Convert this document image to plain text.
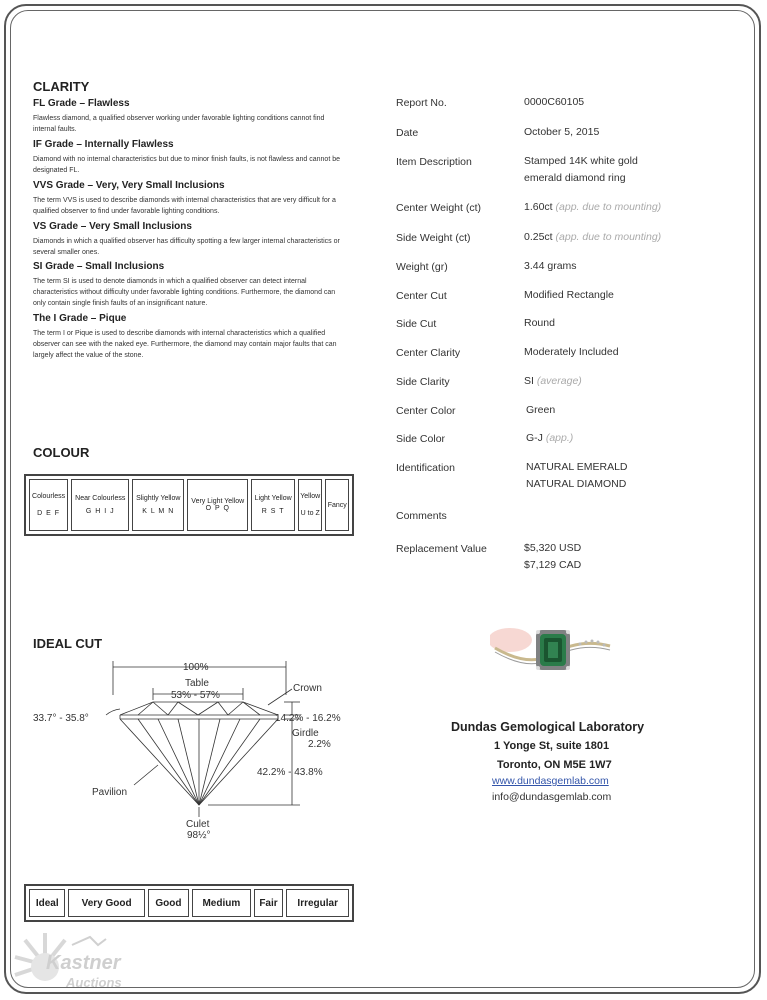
CLARITY
FL Grade – Flawless
Flawless diamond, a qualified observer working under favorable lighting conditions cannot find internal faults.
IF Grade – Internally Flawless
Diamond with no internal characteristics but due to minor finish faults, is not flawless and cannot be designated FL.
VVS Grade – Very, Very Small Inclusions
The term VVS is used to describe diamonds with internal characteristics that are very difficult for a qualified observer to find under favorable lighting conditions.
VS Grade – Very Small Inclusions
Diamonds in which a qualified observer has difficulty spotting a few larger internal characteristics or several smaller ones.
SI Grade – Small Inclusions
The term SI is used to denote diamonds in which a qualified observer can detect internal characteristics without difficulty under favorable lighting conditions. Furthermore, the diamond can only contain single finish faults of an insignificant nature.
The I Grade – Pique
The term I or Pique is used to describe diamonds with internal characteristics which a qualified observer can see with the naked eye. Furthermore, the diamond may contain major faults that can largely affect the value of the stone.
COLOUR
Colourless
D E F

Near Colourless
G H I J

Slightly Yellow
K L M N

Very Light Yellow
O P Q

Light Yellow
R S T

Yellow
U to Z

Fancy
IDEAL CUT
100%
Table
53% - 57%
Crown
33.7° - 35.8°	14.2% - 16.2%
Girdle
2.2%
42.2% - 43.8%
Pavilion
Culet
98½°
Ideal	Very Good	Good	Medium	Fair	Irregular
Report No.	0000C60105
Date	October 5, 2015
Item Description	Stamped 14K white gold emerald diamond ring
Center Weight (ct)	1.60ct (app. due to mounting)
Side Weight (ct)	0.25ct (app. due to mounting)
Weight (gr)	3.44 grams
Center Cut	Modified Rectangle
Side Cut	Round
Center Clarity	Moderately Included
Side Clarity	SI (average)
Center Color	Green
Side Color	G-J (app.)
Identification	NATURAL EMERALD
NATURAL DIAMOND
Comments
Replacement Value	$5,320 USD
$7,129 CAD
Dundas Gemological Laboratory
1 Yonge St, suite 1801
Toronto, ON M5E 1W7
www.dundasgemlab.com
info@dundasgemlab.com
Kastner Auctions
